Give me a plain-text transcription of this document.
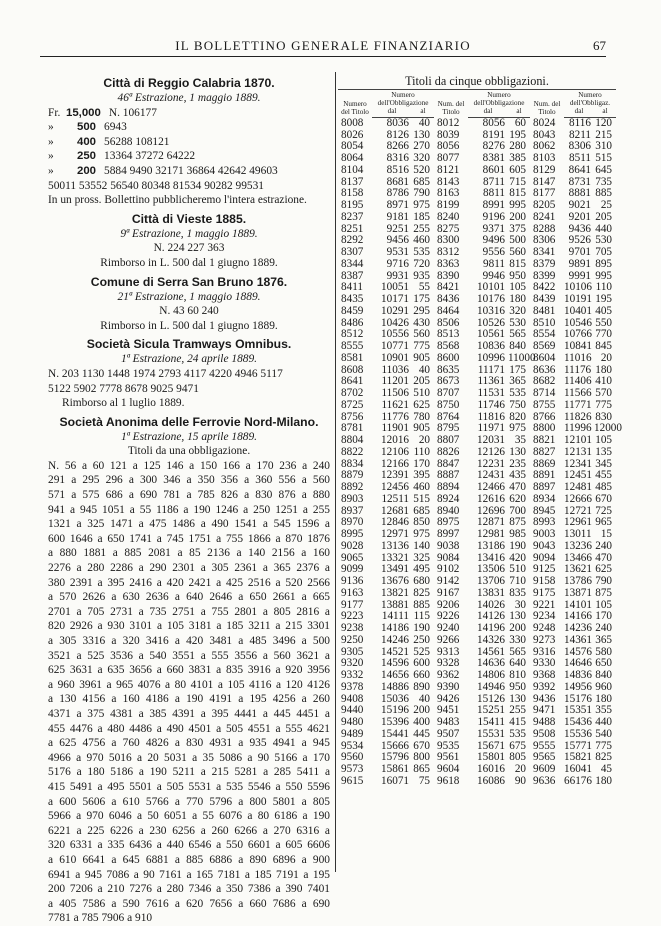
IL BOLLETTINO GENERALE FINANZIARIO	67
Città di Reggio Calabria 1870.
46ª Estrazione, 1 maggio 1889.
Fr. 15,000 N. 106177
» 500 6943
» 400 56288 108121
» 250 13364 37272 64222
» 200 5884 9490 32171 36864 42642 49603
50011 53552 56540 80348 81534 90282 99531
In un pross. Bollettino pubblicheremo l'intera estrazione.
Città di Vieste 1885.
9ª Estrazione, 1 maggio 1889.
N. 224 227 363
Rimborso in L. 500 dal 1 giugno 1889.
Comune di Serra San Bruno 1876.
21ª Estrazione, 1 maggio 1889.
N. 43 60 240
Rimborso in L. 500 dal 1 giugno 1889.
Società Sicula Tramways Omnibus.
1ª Estrazione, 24 aprile 1889.
N. 203 1130 1448 1974 2793 4117 4220 4946 5117
5122 5902 7778 8678 9025 9471
Rimborso al 1 luglio 1889.
Società Anonima delle Ferrovie Nord-Milano.
1ª Estrazione, 15 aprile 1889.
Titoli da una obbligazione.
N. 56 a 60 121 a 125 146 a 150 166 a 170 236 a 240
291 a 295 296 a 300 346 a 350 356 a 360 556 a 560
571 a 575 686 a 690 781 a 785 826 a 830 876 a 880
941 a 945 1051 a 55 1186 a 190 1246 a 250 1251 a 255
1321 a 325 1471 a 475 1486 a 490 1541 a 545 1596 a
600 1646 a 650 1741 a 745 1751 a 755 1866 a 870 1876
a 880 1881 a 885 2081 a 85 2136 a 140 2156 a 160
2276 a 280 2286 a 290 2301 a 305 2361 a 365 2376 a
380 2391 a 395 2416 a 420 2421 a 425 2516 a 520 2566
a 570 2626 a 630 2636 a 640 2646 a 650 2661 a 665
2701 a 705 2731 a 735 2751 a 755 2801 a 805 2816 a
820 2926 a 930 3101 a 105 3181 a 185 3211 a 215 3301
a 305 3316 a 320 3416 a 420 3481 a 485 3496 a 500
3521 a 525 3536 a 540 3551 a 555 3556 a 560 3621 a
625 3631 a 635 3656 a 660 3831 a 835 3916 a 920 3956
a 960 3961 a 965 4076 a 80 4101 a 105 4116 a 120 4126
a 130 4156 a 160 4186 a 190 4191 a 195 4256 a 260
4371 a 375 4381 a 385 4391 a 395 4441 a 445 4451 a
455 4476 a 480 4486 a 490 4501 a 505 4551 a 555 4621
a 625 4756 a 760 4826 a 830 4931 a 935 4941 a 945
4966 a 970 5016 a 20 5031 a 35 5086 a 90 5166 a 170
5176 a 180 5186 a 190 5211 a 215 5281 a 285 5411 a
415 5491 a 495 5501 a 505 5531 a 535 5546 a 550 5596
a 600 5606 a 610 5766 a 770 5796 a 800 5801 a 805
5966 a 970 6046 a 50 6051 a 55 6076 a 80 6186 a 190
6221 a 225 6226 a 230 6256 a 260 6266 a 270 6316 a
320 6331 a 335 6436 a 440 6546 a 550 6601 a 605 6606
a 610 6641 a 645 6881 a 885 6886 a 890 6896 a 900
6941 a 945 7086 a 90 7161 a 165 7181 a 185 7191 a 195
200 7206 a 210 7276 a 280 7346 a 350 7386 a 390 7401
a 405 7586 a 590 7616 a 620 7656 a 660 7686 a 690
7781 a 785 7906 a 910
Titoli da cinque obbligazioni.
Numero del Titolo	Numero dell'Obbligazione		Num. del Titolo	Numero dell'Obbligazione		Num. del Titolo	Numero dell'Obbligaz.	
	dal	al		dal	al		dal	al
8008	8036	40	8012	8056	60	8024	8116	120
8026	8126	130	8039	8191	195	8043	8211	215
8054	8266	270	8056	8276	280	8062	8306	310
8064	8316	320	8077	8381	385	8103	8511	515
8104	8516	520	8121	8601	605	8129	8641	645
8137	8681	685	8143	8711	715	8147	8731	735
8158	8786	790	8163	8811	815	8177	8881	885
8195	8971	975	8199	8991	995	8205	9021	25
8237	9181	185	8240	9196	200	8241	9201	205
8251	9251	255	8275	9371	375	8288	9436	440
8292	9456	460	8300	9496	500	8306	9526	530
8307	9531	535	8312	9556	560	8341	9701	705
8344	9716	720	8363	9811	815	8379	9891	895
8387	9931	935	8390	9946	950	8399	9991	995
8411	10051	55	8421	10101	105	8422	10106	110
8435	10171	175	8436	10176	180	8439	10191	195
8459	10291	295	8464	10316	320	8481	10401	405
8486	10426	430	8506	10526	530	8510	10546	550
8512	10556	560	8513	10561	565	8554	10766	770
8555	10771	775	8568	10836	840	8569	10841	845
8581	10901	905	8600	10996	11000	8604	11016	20
8608	11036	40	8635	11171	175	8636	11176	180
8641	11201	205	8673	11361	365	8682	11406	410
8702	11506	510	8707	11531	535	8714	11566	570
8725	11621	625	8750	11746	750	8755	11771	775
8756	11776	780	8764	11816	820	8766	11826	830
8781	11901	905	8795	11971	975	8800	11996	12000
8804	12016	20	8807	12031	35	8821	12101	105
8822	12106	110	8826	12126	130	8827	12131	135
8834	12166	170	8847	12231	235	8869	12341	345
8879	12391	395	8887	12431	435	8891	12451	455
8892	12456	460	8894	12466	470	8897	12481	485
8903	12511	515	8924	12616	620	8934	12666	670
8937	12681	685	8940	12696	700	8945	12721	725
8970	12846	850	8975	12871	875	8993	12961	965
8995	12971	975	8997	12981	985	9003	13011	15
9028	13136	140	9038	13186	190	9043	13236	240
9065	13321	325	9084	13416	420	9094	13466	470
9099	13491	495	9102	13506	510	9125	13621	625
9136	13676	680	9142	13706	710	9158	13786	790
9163	13821	825	9167	13831	835	9175	13871	875
9177	13881	885	9206	14026	30	9221	14101	105
9223	14111	115	9226	14126	130	9234	14166	170
9238	14186	190	9240	14196	200	9248	14236	240
9250	14246	250	9266	14326	330	9273	14361	365
9305	14521	525	9313	14561	565	9316	14576	580
9320	14596	600	9328	14636	640	9330	14646	650
9332	14656	660	9362	14806	810	9368	14836	840
9378	14886	890	9390	14946	950	9392	14956	960
9408	15036	40	9426	15126	130	9436	15176	180
9440	15196	200	9451	15251	255	9471	15351	355
9480	15396	400	9483	15411	415	9488	15436	440
9489	15441	445	9507	15531	535	9508	15536	540
9534	15666	670	9535	15671	675	9555	15771	775
9560	15796	800	9561	15801	805	9565	15821	825
9573	15861	865	9604	16016	20	9609	16041	45
9615	16071	75	9618	16086	90	9636	66176	180
